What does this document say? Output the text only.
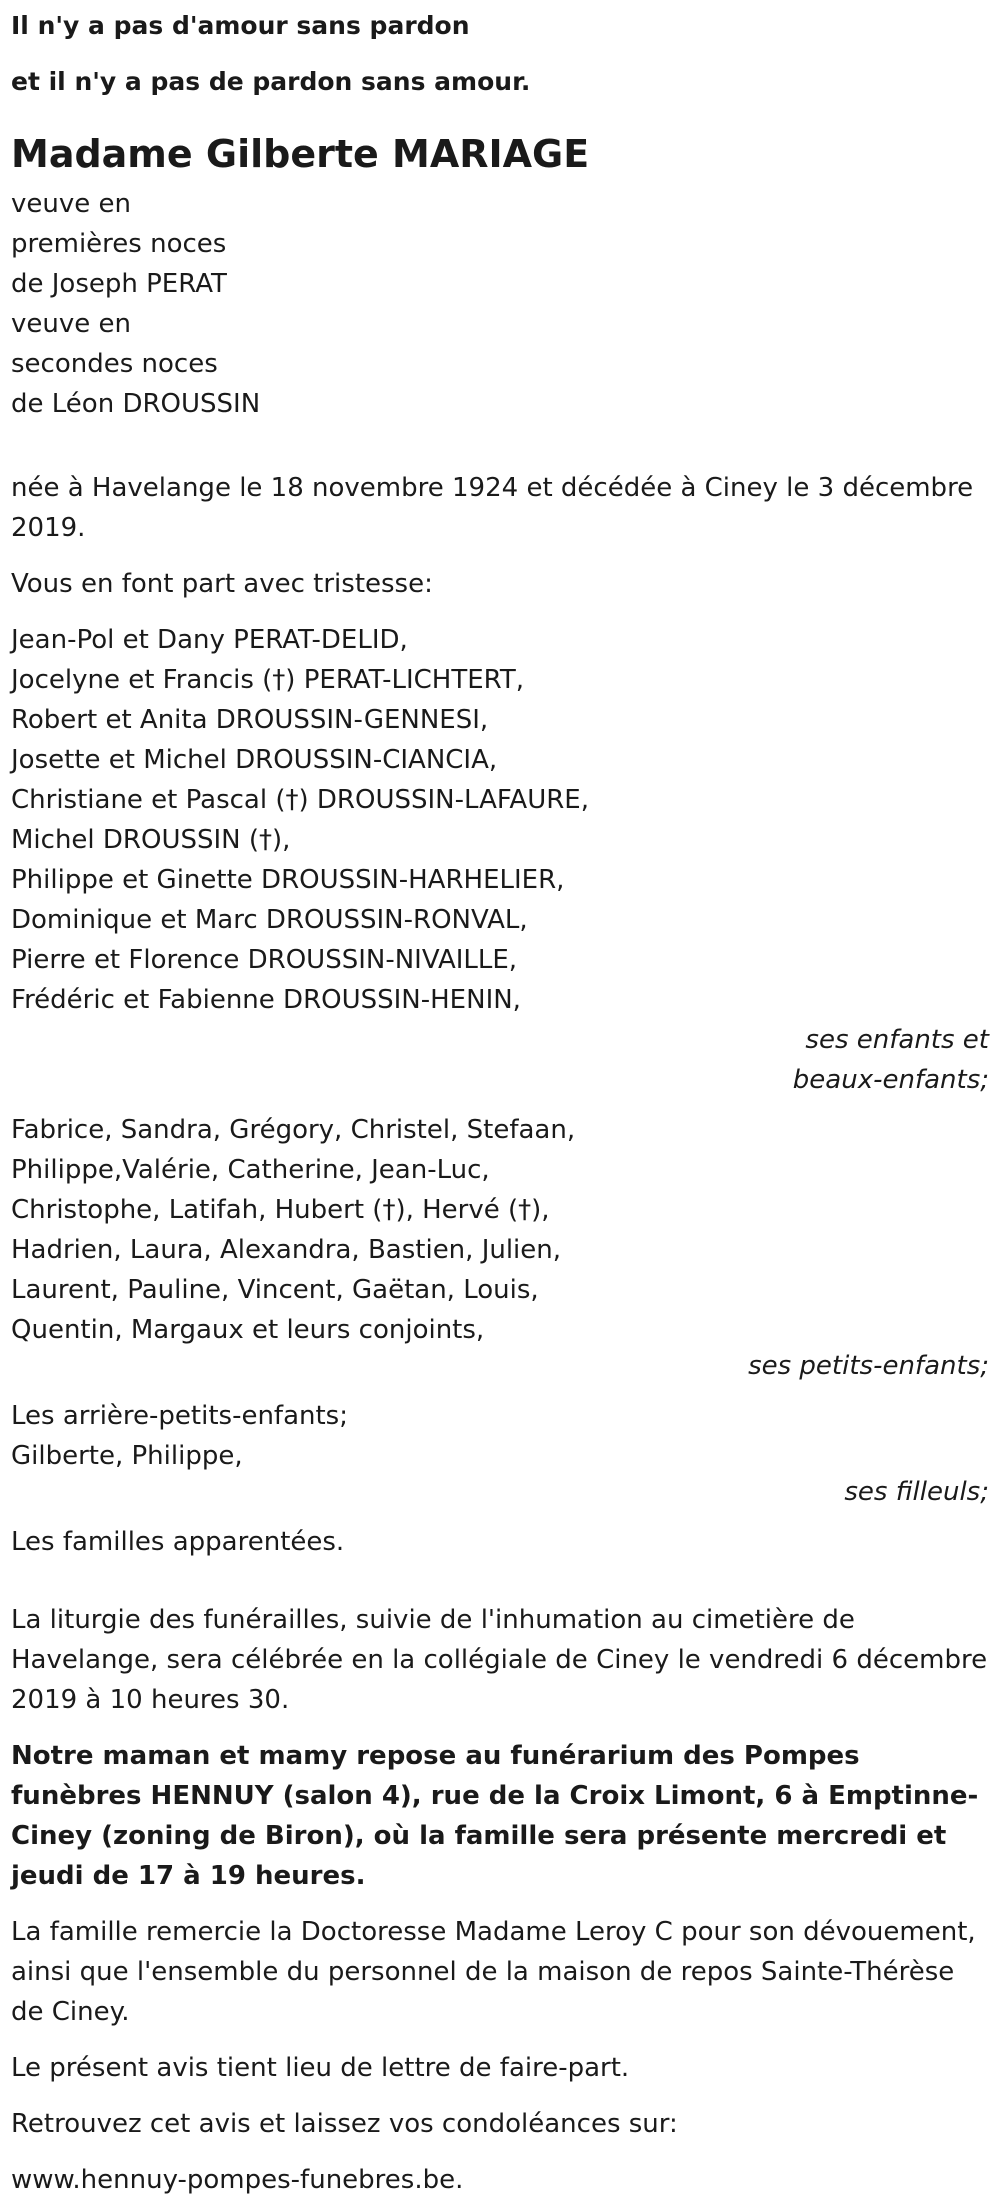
Il n'y a pas d'amour sans pardon

et il n'y a pas de pardon sans amour.

Madame Gilberte MARIAGE
veuve en
premières noces
de Joseph PERAT
veuve en
secondes noces
de Léon DROUSSIN

née à Havelange le 18 novembre 1924 et décédée à Ciney le 3 décembre 2019.

Vous en font part avec tristesse:

Jean-Pol et Dany PERAT-DELID,
Jocelyne et Francis (†) PERAT-LICHTERT,
Robert et Anita DROUSSIN-GENNESI,
Josette et Michel DROUSSIN-CIANCIA,
Christiane et Pascal (†) DROUSSIN-LAFAURE,
Michel DROUSSIN (†),
Philippe et Ginette DROUSSIN-HARHELIER,
Dominique et Marc DROUSSIN-RONVAL,
Pierre et Florence DROUSSIN-NIVAILLE,
Frédéric et Fabienne DROUSSIN-HENIN,
ses enfants et
beaux-enfants;
Fabrice, Sandra, Grégory, Christel, Stefaan,
Philippe,Valérie, Catherine, Jean-Luc,
Christophe, Latifah, Hubert (†), Hervé (†),
Hadrien, Laura, Alexandra, Bastien, Julien,
Laurent, Pauline, Vincent, Gaëtan, Louis,
Quentin, Margaux et leurs conjoints,
ses petits-enfants;
Les arrière-petits-enfants;
Gilberte, Philippe,
ses filleuls;

Les familles apparentées.

La liturgie des funérailles, suivie de l'inhumation au cimetière de Havelange, sera célébrée en la collégiale de Ciney le vendredi 6 décembre 2019 à 10 heures 30.

Notre maman et mamy repose au funérarium des Pompes funèbres HENNUY (salon 4), rue de la Croix Limont, 6 à Emptinne-Ciney (zoning de Biron), où la famille sera présente mercredi et jeudi de 17 à 19 heures.

La famille remercie la Doctoresse Madame Leroy C pour son dévouement, ainsi que l'ensemble du personnel de la maison de repos Sainte-Thérèse de Ciney.

Le présent avis tient lieu de lettre de faire-part.

Retrouvez cet avis et laissez vos condoléances sur:

www.hennuy-pompes-funebres.be.
